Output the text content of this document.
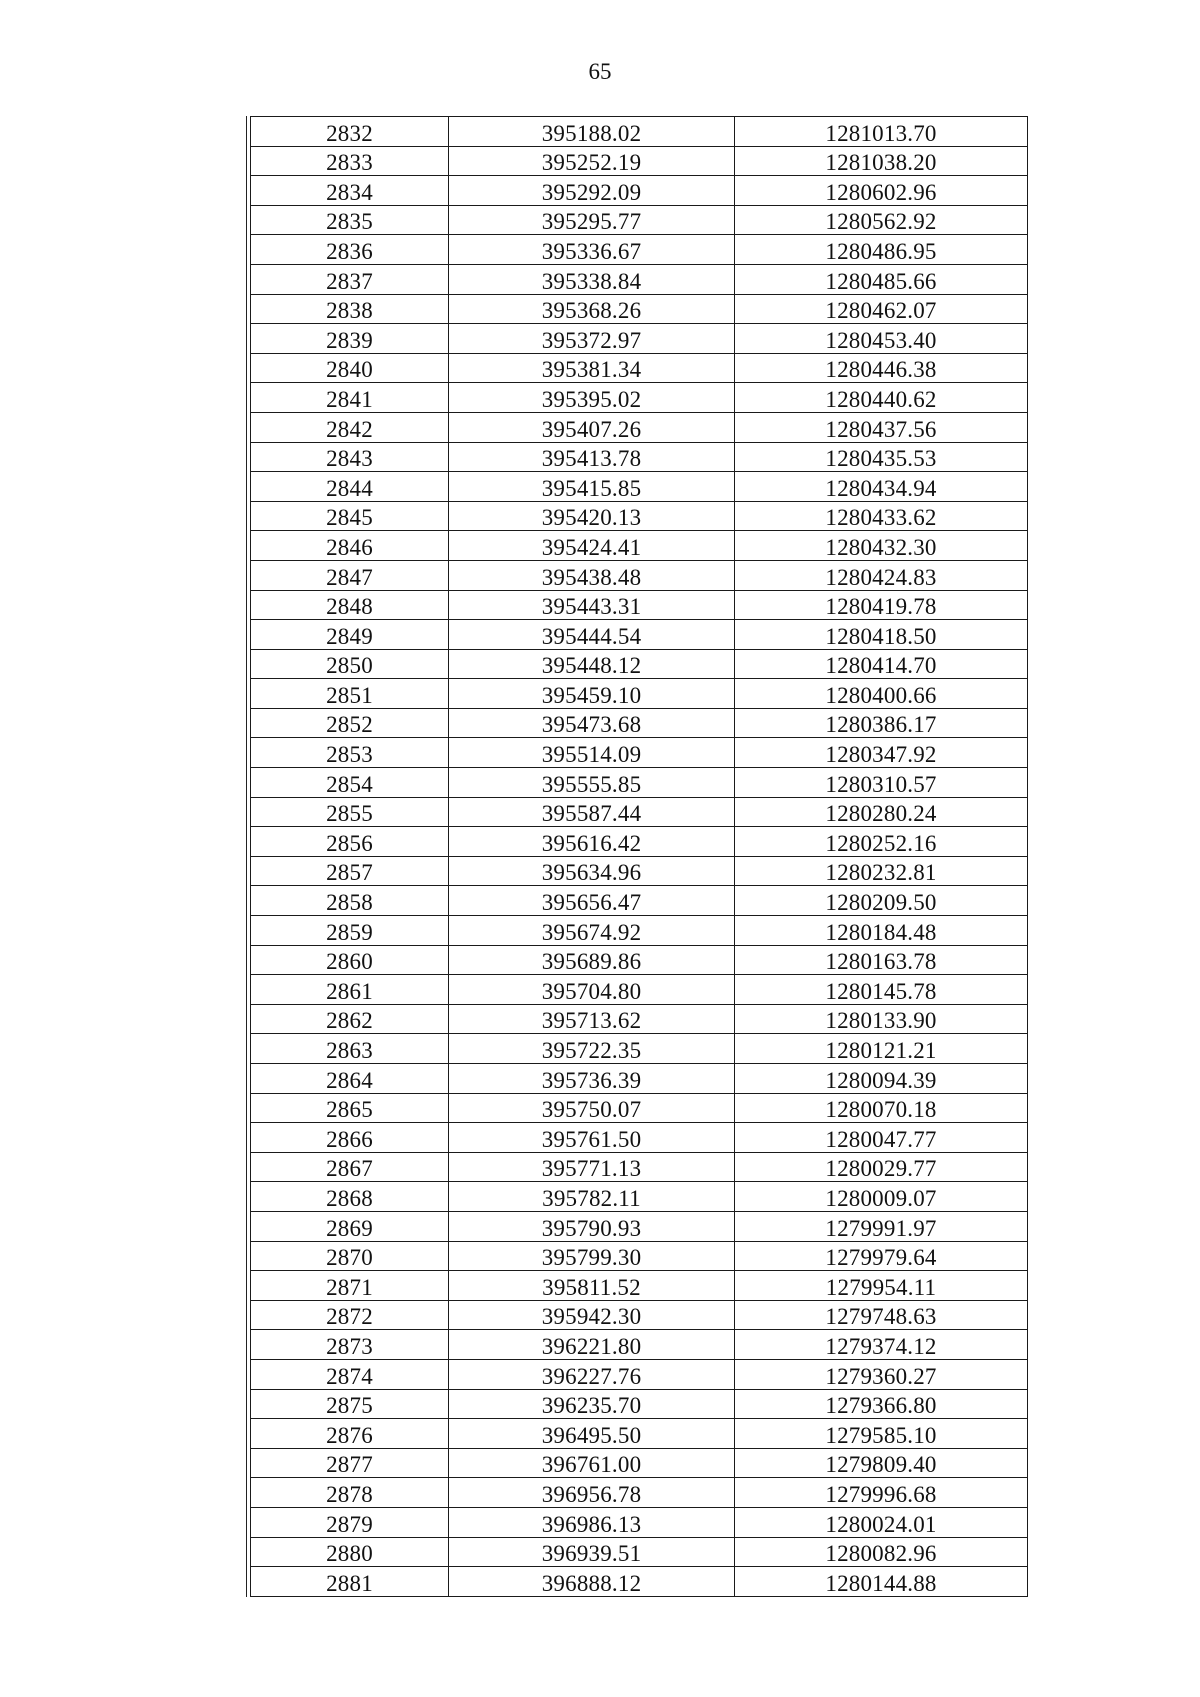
65
2832	395188.02	1281013.70
2833	395252.19	1281038.20
2834	395292.09	1280602.96
2835	395295.77	1280562.92
2836	395336.67	1280486.95
2837	395338.84	1280485.66
2838	395368.26	1280462.07
2839	395372.97	1280453.40
2840	395381.34	1280446.38
2841	395395.02	1280440.62
2842	395407.26	1280437.56
2843	395413.78	1280435.53
2844	395415.85	1280434.94
2845	395420.13	1280433.62
2846	395424.41	1280432.30
2847	395438.48	1280424.83
2848	395443.31	1280419.78
2849	395444.54	1280418.50
2850	395448.12	1280414.70
2851	395459.10	1280400.66
2852	395473.68	1280386.17
2853	395514.09	1280347.92
2854	395555.85	1280310.57
2855	395587.44	1280280.24
2856	395616.42	1280252.16
2857	395634.96	1280232.81
2858	395656.47	1280209.50
2859	395674.92	1280184.48
2860	395689.86	1280163.78
2861	395704.80	1280145.78
2862	395713.62	1280133.90
2863	395722.35	1280121.21
2864	395736.39	1280094.39
2865	395750.07	1280070.18
2866	395761.50	1280047.77
2867	395771.13	1280029.77
2868	395782.11	1280009.07
2869	395790.93	1279991.97
2870	395799.30	1279979.64
2871	395811.52	1279954.11
2872	395942.30	1279748.63
2873	396221.80	1279374.12
2874	396227.76	1279360.27
2875	396235.70	1279366.80
2876	396495.50	1279585.10
2877	396761.00	1279809.40
2878	396956.78	1279996.68
2879	396986.13	1280024.01
2880	396939.51	1280082.96
2881	396888.12	1280144.88
